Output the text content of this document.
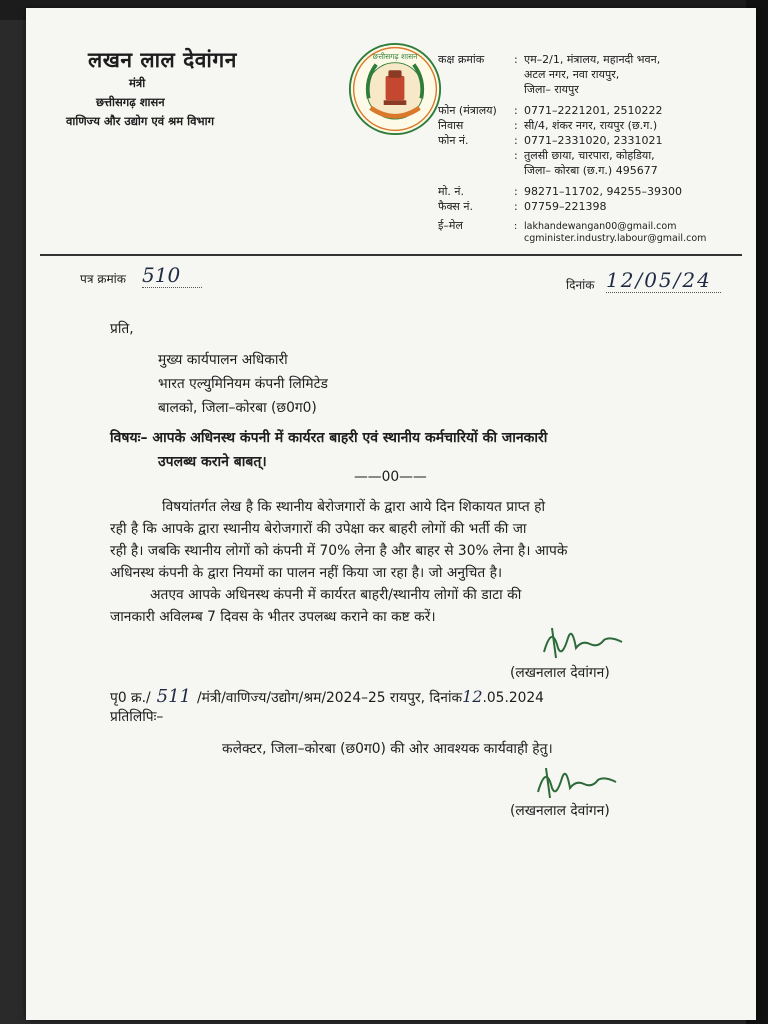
लखन लाल देवांगन
मंत्री
छत्तीसगढ़ शासन
वाणिज्य और उद्योग एवं श्रम विभाग
छत्तीसगढ़ शासन कक्ष क्रमांक	: एम–2/1, मंत्रालय, महानदी भवन,
अटल नगर, नवा रायपुर,
जिला– रायपुर
फोन (मंत्रालय) : 0771–2221201, 2510222
निवास	: सी/4, शंकर नगर, रायपुर (छ.ग.)
फोन नं.	: 0771–2331020, 2331021
: तुलसी छाया, चारपारा, कोहडिया,
जिला– कोरबा (छ.ग.) 495677
मो. नं.	: 98271–11702, 94255–39300
फैक्स नं.	: 07759–221398
ई–मेल	: lakhandewangan00@gmail.com
cgminister.industry.labour@gmail.com
पत्र क्रमांक 510	दिनांक 12/05/24
प्रति,
मुख्य कार्यपालन अधिकारी
भारत एल्युमिनियम कंपनी लिमिटेड
बालको, जिला–कोरबा (छ0ग0)
विषयः– आपके अधिनस्थ कंपनी में कार्यरत बाहरी एवं स्थानीय कर्मचारियों की जानकारी
उपलब्ध कराने बाबत्।
——00——
विषयांतर्गत लेख है कि स्थानीय बेरोजगारों के द्वारा आये दिन शिकायत प्राप्त हो
रही है कि आपके द्वारा स्थानीय बेरोजगारों की उपेक्षा कर बाहरी लोगों की भर्ती की जा
रही है। जबकि स्थानीय लोगों को कंपनी में 70% लेना है और बाहर से 30% लेना है। आपके
अधिनस्थ कंपनी के द्वारा नियमों का पालन नहीं किया जा रहा है। जो अनुचित है।
अतएव आपके अधिनस्थ कंपनी में कार्यरत बाहरी/स्थानीय लोगों की डाटा की
जानकारी अविलम्ब 7 दिवस के भीतर उपलब्ध कराने का कष्ट करें।
(लखनलाल देवांगन)
पृ0 क्र./ 511 /मंत्री/वाणिज्य/उद्योग/श्रम/2024–25 रायपुर, दिनांक12.05.2024
प्रतिलिपिः–
कलेक्टर, जिला–कोरबा (छ0ग0) की ओर आवश्यक कार्यवाही हेतु।
(लखनलाल देवांगन)
